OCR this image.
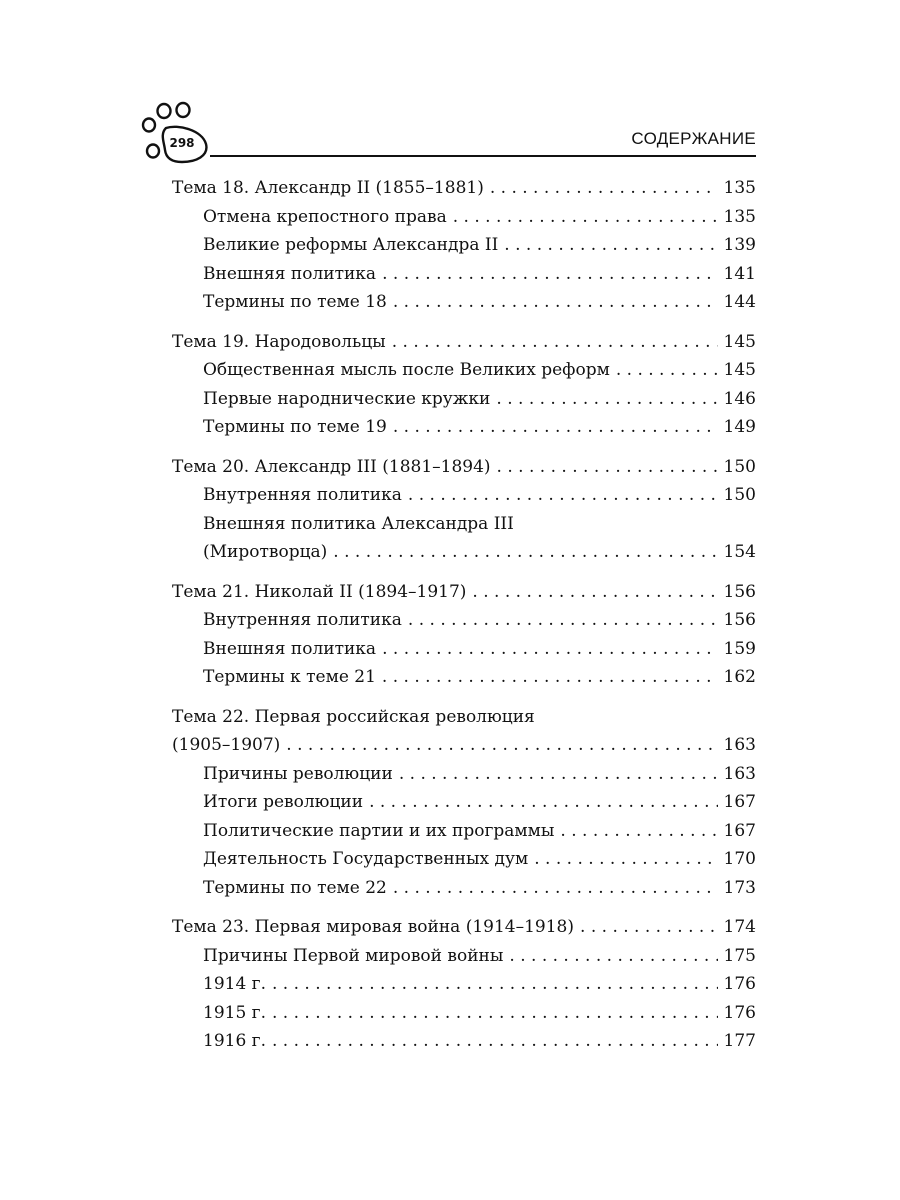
298	СОДЕРЖАНИЕ
Тема 18. Александр II (1855–1881) . . .	135
Отмена крепостного права . . .	135
Великие реформы Александра II . . .	139
Внешняя политика . . .	141
Термины по теме 18 . . .	144
Тема 19. Народовольцы . . .	145
Общественная мысль после Великих реформ . . .	145
Первые народнические кружки . . .	146
Термины по теме 19 . . .	149
Тема 20. Александр III (1881–1894) . . .	150
Внутренняя политика . . .	150
Внешняя политика Александра III
(Миротворца) . . .	154
Тема 21. Николай II (1894–1917) . . .	156
Внутренняя политика . . .	156
Внешняя политика . . .	159
Термины к теме 21 . . .	162
Тема 22. Первая российская революция
(1905–1907) . . .	163
Причины революции . . .	163
Итоги революции . . .	167
Политические партии и их программы . . .	167
Деятельность Государственных дум . . .	170
Термины по теме 22 . . .	173
Тема 23. Первая мировая война (1914–1918) . . .	174
Причины Первой мировой войны . . .	175
1914 г. . . .	176
1915 г. . . .	176
1916 г. . . .	177
